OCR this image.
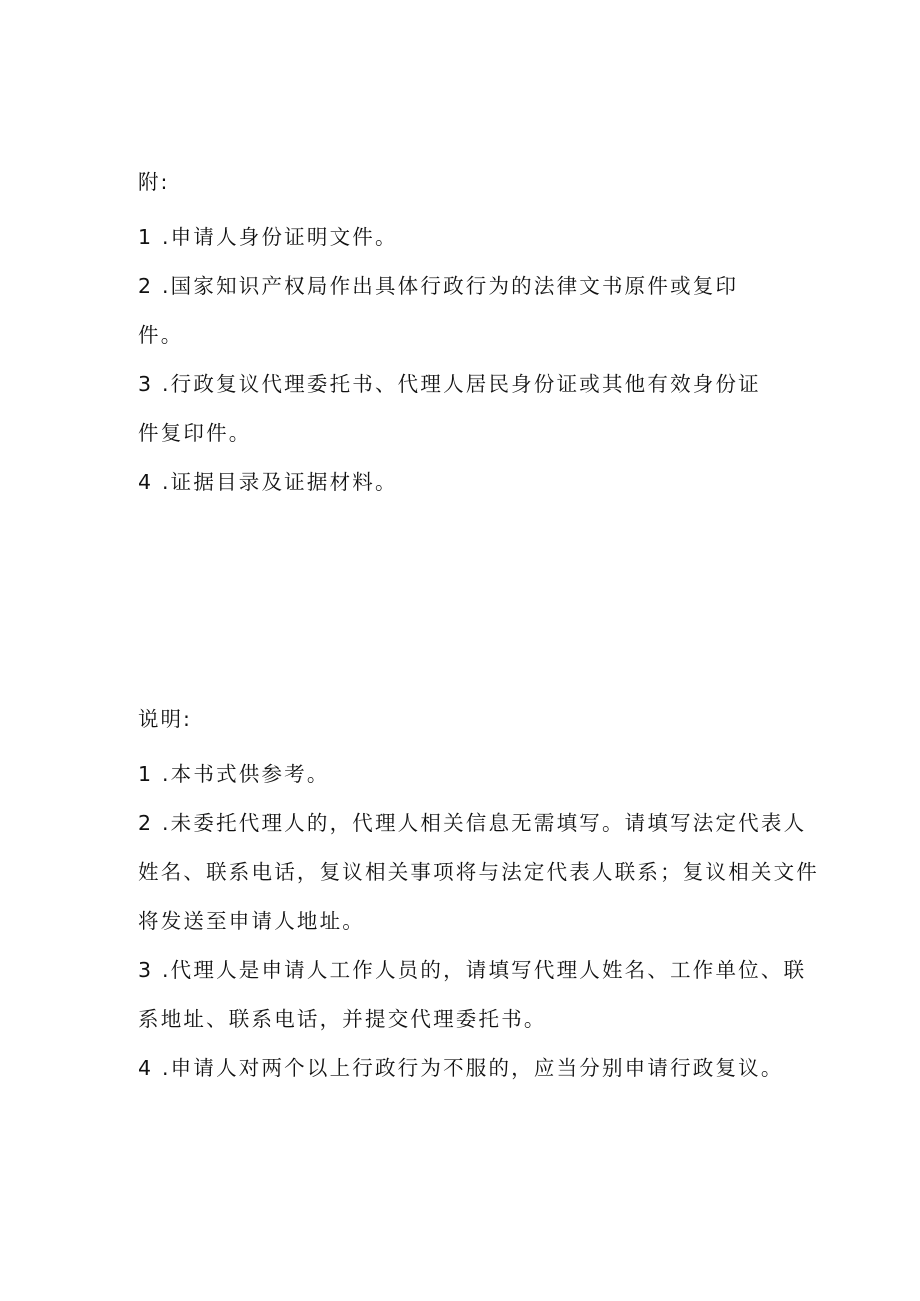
附:
1 .申请人身份证明文件。
2 .国家知识产权局作出具体行政行为的法律文书原件或复印
件。
3 .行政复议代理委托书、代理人居民身份证或其他有效身份证
件复印件。
4 .证据目录及证据材料。
说明:
1 .本书式供参考。
2 .未委托代理人的，代理人相关信息无需填写。请填写法定代表人
姓名、联系电话，复议相关事项将与法定代表人联系；复议相关文件
将发送至申请人地址。
3 .代理人是申请人工作人员的，请填写代理人姓名、工作单位、联
系地址、联系电话，并提交代理委托书。
4 .申请人对两个以上行政行为不服的，应当分别申请行政复议。
